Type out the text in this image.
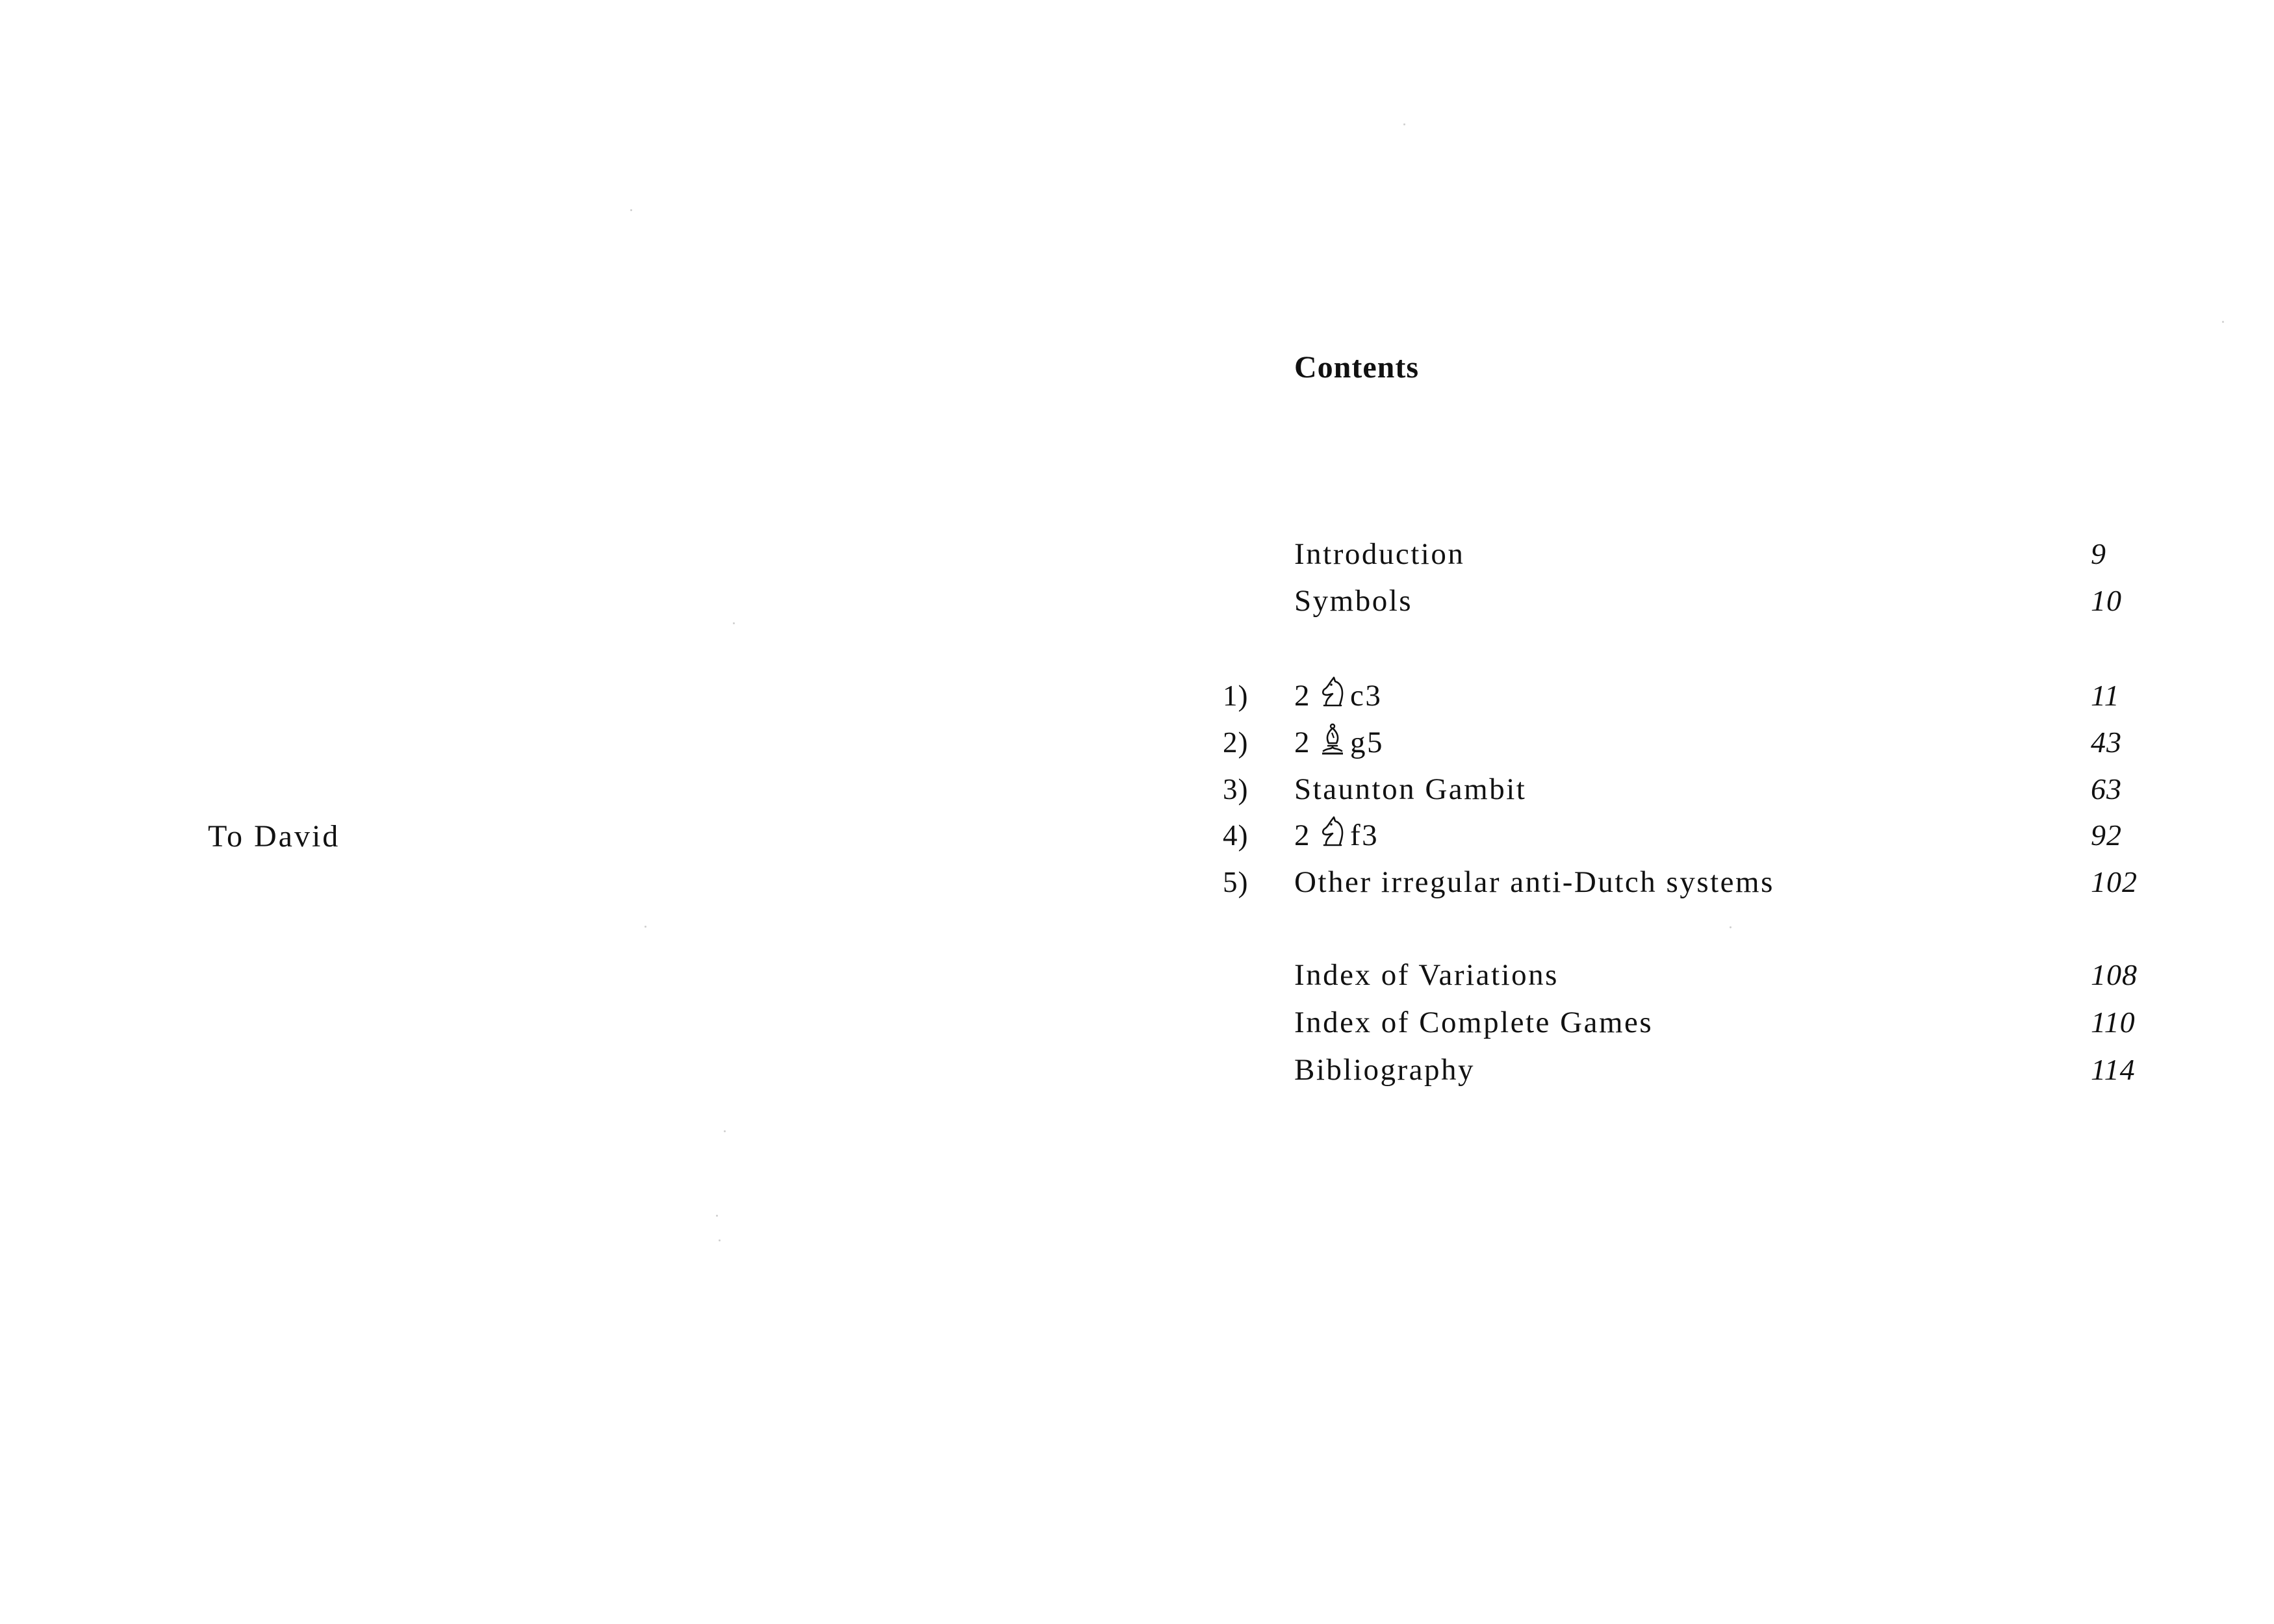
To David
Contents
Introduction	9
Symbols	10
1)	2 c3	11
2)	2 g5	43
3)	Staunton Gambit	63
4)	2 f3	92
5)	Other irregular anti-Dutch systems	102
Index of Variations	108
Index of Complete Games	110
Bibliography	114
